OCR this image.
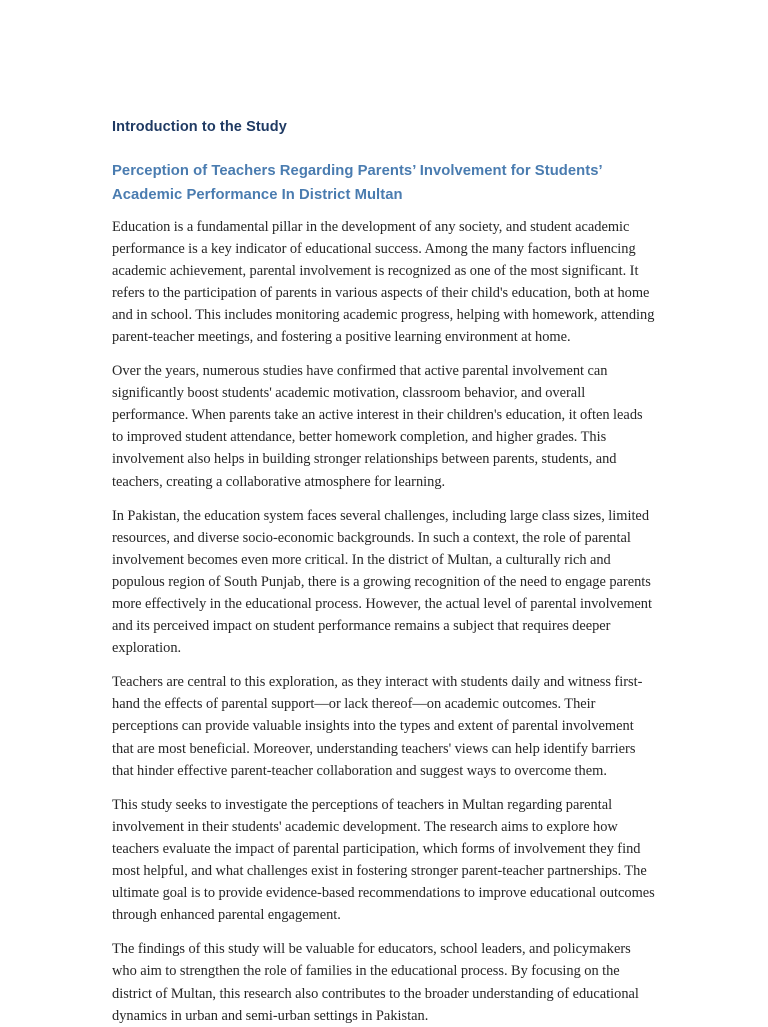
Introduction to the Study
Perception of Teachers Regarding Parents’ Involvement for Students’ Academic Performance In District Multan

Education is a fundamental pillar in the development of any society, and student academic performance is a key indicator of educational success. Among the many factors influencing academic achievement, parental involvement is recognized as one of the most significant. It refers to the participation of parents in various aspects of their child's education, both at home and in school. This includes monitoring academic progress, helping with homework, attending parent-teacher meetings, and fostering a positive learning environment at home.

Over the years, numerous studies have confirmed that active parental involvement can significantly boost students' academic motivation, classroom behavior, and overall performance. When parents take an active interest in their children's education, it often leads to improved student attendance, better homework completion, and higher grades. This involvement also helps in building stronger relationships between parents, students, and teachers, creating a collaborative atmosphere for learning.

In Pakistan, the education system faces several challenges, including large class sizes, limited resources, and diverse socio-economic backgrounds. In such a context, the role of parental involvement becomes even more critical. In the district of Multan, a culturally rich and populous region of South Punjab, there is a growing recognition of the need to engage parents more effectively in the educational process. However, the actual level of parental involvement and its perceived impact on student performance remains a subject that requires deeper exploration.

Teachers are central to this exploration, as they interact with students daily and witness first-hand the effects of parental support—or lack thereof—on academic outcomes. Their perceptions can provide valuable insights into the types and extent of parental involvement that are most beneficial. Moreover, understanding teachers' views can help identify barriers that hinder effective parent-teacher collaboration and suggest ways to overcome them.

This study seeks to investigate the perceptions of teachers in Multan regarding parental involvement in their students' academic development. The research aims to explore how teachers evaluate the impact of parental participation, which forms of involvement they find most helpful, and what challenges exist in fostering stronger parent-teacher partnerships. The ultimate goal is to provide evidence-based recommendations to improve educational outcomes through enhanced parental engagement.

The findings of this study will be valuable for educators, school leaders, and policymakers who aim to strengthen the role of families in the educational process. By focusing on the district of Multan, this research also contributes to the broader understanding of educational dynamics in urban and semi-urban settings in Pakistan.
